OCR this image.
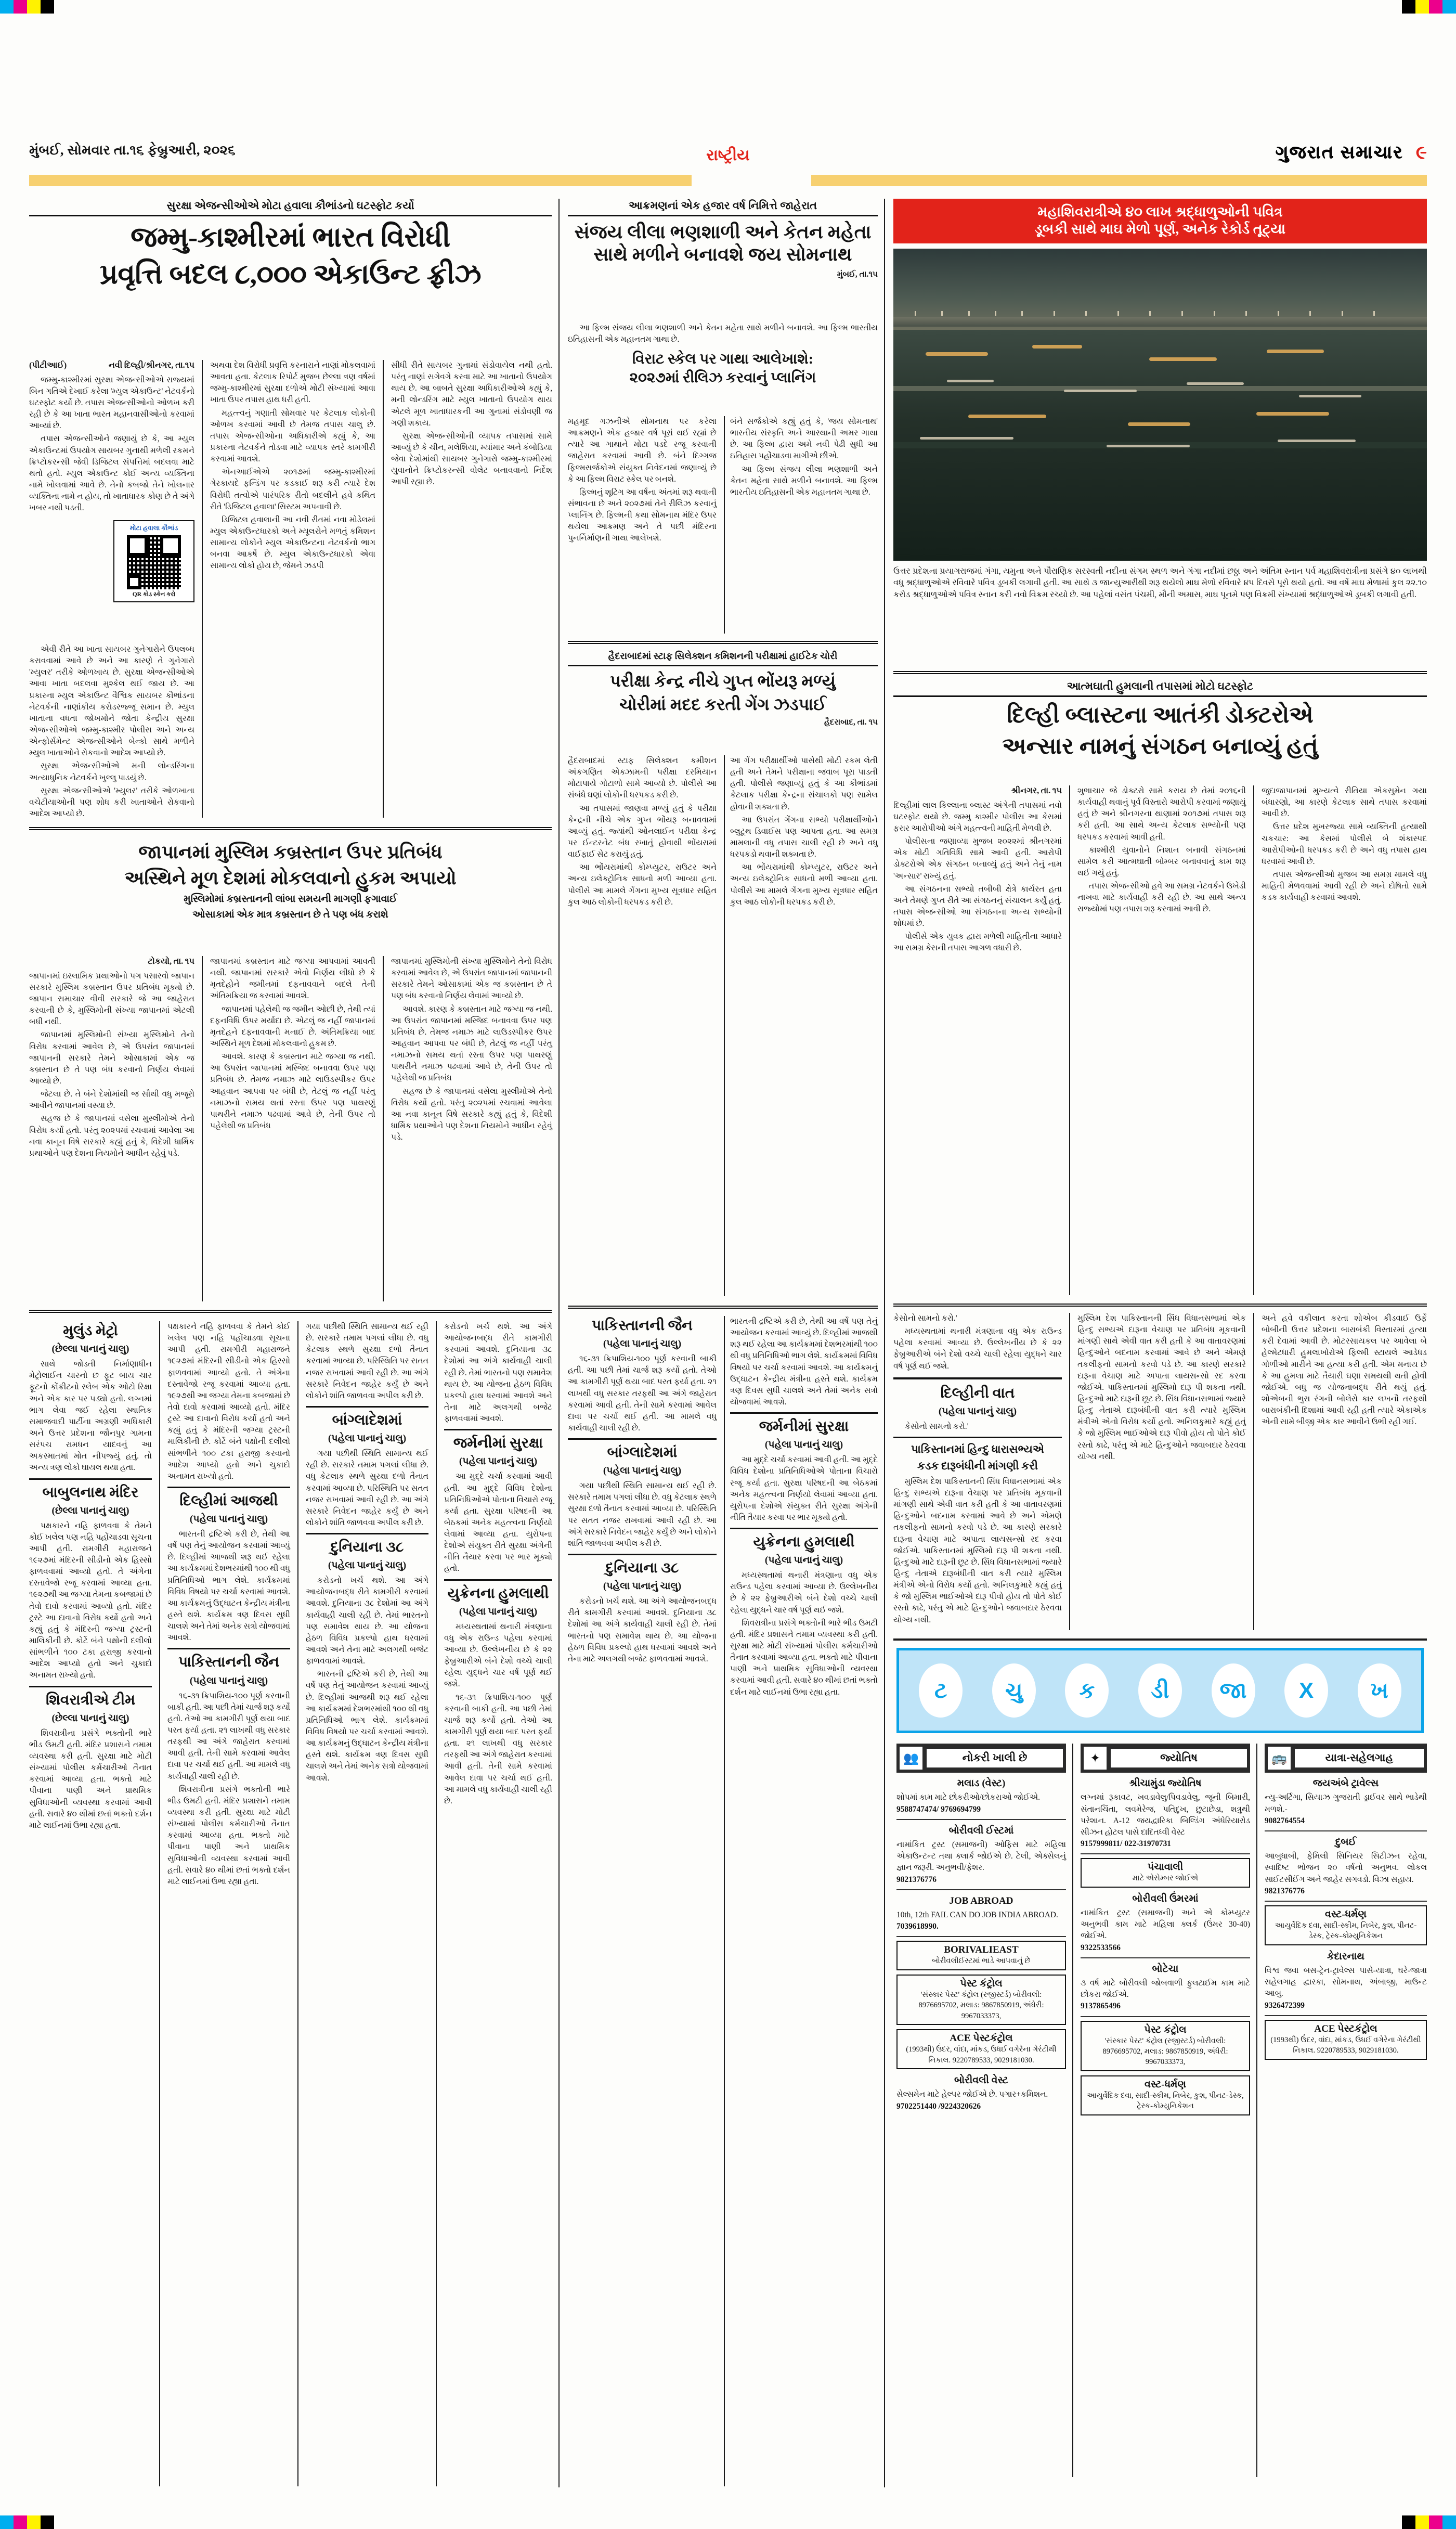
મુંબઈ, સોમવાર તા.૧૬ ફેબ્રુઆરી, ૨૦૨૬	ગુજરાત સમાચાર ૯
રાષ્ટ્રીય
સુરક્ષા એજન્સીઓએ મોટા હવાલા કૌભાંડનો ઘટસ્ફોટ કર્યો
જમ્મુ-કાશ્મીરમાં ભારત વિરોધી
પ્રવૃત્તિ બદલ ૮,૦૦૦ એકાઉન્ટ ફ્રીઝ
(પીટીઆઈ)	નવી દિલ્હી/શ્રીનગર, તા.૧૫

જમ્મુ-કાશ્મીરમાં સુરક્ષા એજન્સીઓએ રાજ્યમાં બિન ગતિએ દેખાઈ કરેલા 'મ્યુલ એકાઉન્ટ' નેટવર્કનો ઘટસ્ફોટ કર્યો છે. તપાસ એજન્સીઓનો ઓળખ કરી રહી છે કે આ ખાતા ભારત મહાનવાસીઓનો કરવામાં આવ્યાં છે.

તપાસ એજન્સીઓને જણાયું છે કે, આ મ્યુલ એકાઉન્ટમાં ઉપયોગ સાયબર ગુનાથી મળેલી રકમને ક્રિપ્ટોકરન્સી જેવી ડિજિટલ સંપત્તિમાં બદલવા માટે થતો હતો. મ્યુલ એકાઉન્ટ કોઈ અન્ય વ્યક્તિના નામે ખોલવામાં આવે છે. તેનો કબજો તેને ખોલનાર વ્યક્તિના નામે ન હોય, તો ખાતાધારક કોણ છે તે અંગે ખબર નથી પડતી.

મોટા હવાલા કૌભાંડ
QR કોડ સ્કેન કરો

એવી રીતે આ ખાતા સાયબર ગુનેગારોને ઉપલબ્ધ કરાવવામાં આવે છે અને આ કારણે તે ગુનેગારો 'મ્યુલર' તરીકે ઓળખાય છે. સુરક્ષા એજન્સીઓએ આવા ખાતા બદલવા મુશ્કેલ થઈ જાય છે. આ પ્રકારના મ્યુલ એકાઉન્ટ વૈશ્વિક સાયબર કૌભાંડના નેટવર્કની નાણાંકીય કરોડરજ્જૂ સમાન છે. મ્યુલ ખાતાના વધતા જોખમોને જોતા કેન્દ્રીય સુરક્ષા એજન્સીઓએ જમ્મુ-કાશ્મીર પોલીસ અને અન્ય એન્ફોર્સમેન્ટ એજન્સીઓને બેન્કો સાથે મળીને મ્યુલ ખાતાઓને રોકવાનો આદેશ આપ્યો છે.

સુરક્ષા એજન્સીઓએ મની લોન્ડરિંગના અત્યાધુનિક નેટવર્કને ખુલ્લુ પાડયું છે.

સુરક્ષા એજન્સીઓએ 'મ્યુલર' તરીકે ઓળખાતા વચેટીયાઓની પણ શોધ કરી ખાતાઓને રોકવાનો આદેશ આપ્યો છે.

અથવા દેશ વિરોધી પ્રવૃત્તિ કરનારાને નાણાં મોકલવામાં આવતા હતા. કેટલાક રિપોર્ટ મુજબ છેલ્લા ત્રણ વર્ષમાં જમ્મુ-કાશ્મીરમાં સુરક્ષા દળોએ મોટી સંખ્યામાં આવા ખાતા ઉપર તપાસ હાથ ધરી હતી.

મહત્ત્વનું ગણાતી સોમવાર પર કેટલાક લોકોની ઓળખ કરવામાં આવી છે તેમજ તપાસ ચાલુ છે. તપાસ એજન્સીઓના અધિકારીએ કહ્યું કે, આ પ્રકારના નેટવર્કને તોડવા માટે વ્યાપક સ્તરે કામગીરી કરવામાં આવશે.

એનઆઈએએ ૨૦૧૭માં જમ્મુ-કાશ્મીરમાં ગેરકાયદે ફન્ડિંગ પર કડકાઈ શરૂ કરી ત્યારે દેશ વિરોધી તત્વોએ પારંપરિક રીતો બદલીને હવે કથિત રીતે 'ડિજિટલ હવાલા' સિસ્ટમ અપનાવી છે.

ડિજિટલ હવાલાની આ નવી રીતમાં નવા મોડેલમાં મ્યુલ એકાઉન્ટધારકો અને મ્યૂલરોને મળતું કમિશન સામાન્ય લોકોને મ્યુલ એકાઉન્ટના નેટવર્કનો ભાગ બનવા આકર્ષે છે. મ્યુલ એકાઉન્ટધારકો એવા સામાન્ય લોકો હોય છે, જેમને ઝડપી

સીધી રીતે સાયબર ગુનામાં સંડોવાયેલ નથી હતો. પરંતુ નાણાં સગેવગે કરવા માટે આ ખાતાનો ઉપયોગ થાય છે. આ બાબતે સુરક્ષા અધિકારીઓએ કહ્યું કે, મની લોન્ડરિંગ માટે મ્યુલ ખાતાનો ઉપયોગ થાય એટલે મૂળ ખાતાધારકની આ ગુનામાં સંડોવણી જ ગણી શકાય.

સુરક્ષા એજન્સીઓની વ્યાપક તપાસમાં સામે આવ્યું છે કે ચીન, મલેશિયા, મ્યાંમાર અને કંબોડિયા જેવા દેશોમાંથી સાયબર ગુનેગારો જમ્મુ-કાશ્મીરમાં યુવાનોને ક્રિપ્ટોકરન્સી વોલેટ બનાવવાનો નિર્દેશ આપી રહ્યા છે.

જાપાનમાં મુસ્લિમ કબ્રસ્તાન ઉપર પ્રતિબંધ
અસ્થિને મૂળ દેશમાં મોકલવાનો હુકમ અપાયો
મુસ્લિમોમાં કબ્રસ્તાનની લાંબા સમયની માગણી ફગાવાઈ
ઓસાકામાં એક માત્ર કબ્રસ્તાન છે તે પણ બંધ કરાશે
ટોકયો, તા. ૧૫

જાપાનમાં ઇસ્લામિક પ્રથાઓનો પગ પસારવો જાપાન સરકારે મુસ્લિમ કબ્રસ્તાન ઉપર પ્રતિબંધ મૂક્યો છે. જાપાન સમાચાર વીવી સરકારે જે આ જાહેરાત કરવાની છે કે, મુસ્લિમોની સંખ્યા જાપાનમાં એટલી બધી નથી.

જાપાનમાં મુસ્લિમોની સંખ્યા મુસ્લિમોને તેનો વિરોધ કરવામાં આવેલ છે, એ ઉપરાંત જાપાનમાં જાપાનની સરકારે તેમને ઓસાકામાં એક જ કબ્રસ્તાન છે તે પણ બંધ કરવાનો નિર્ણય લેવામાં આવ્યો છે.

જેટલા છે. તે બંને દેશોમાંથી જ સૌથી વધુ મજૂરો આવીને જાપાનમાં વસ્યા છે.

સહજ છે કે જાપાનમાં વસેલા મુસ્લીમોએ તેનો વિરોધ કર્યો હતો. પરંતુ ૨૦૨૫માં રચવામાં આવેલા આ નવા કાનૂન વિષે સરકારે કહ્યું હતું કે, વિદેશી ધાર્મિક પ્રથાઓને પણ દેશના નિયમોને આધીન રહેવું પડે.

જાપાનમાં કબ્રસ્તાન માટે જગ્યા આપવામાં આવતી નથી. જાપાનમાં સરકારે એવો નિર્ણય લીધો છે કે મૃતદેહોને જમીનમાં દફનાવવાને બદલે તેની અંતિમક્રિયા જ કરવામાં આવશે.

જાપાનમાં પહેલેથી જ જમીન ઓછી છે, તેથી ત્યાં દફનવિધિ ઉપર મર્યાદા છે. એટલું જ નહીં જાપાનમાં મૃતદેહને દફનાવવાની મનાઈ છે. અંતિમક્રિયા બાદ અસ્થિને મૂળ દેશમાં મોકલવાનો હુકમ છે.

આવશે. કારણ કે કબ્રસ્તાન માટે જગ્યા જ નથી. આ ઉપરાંત જાપાનમાં મસ્જિદ બનાવવા ઉપર પણ પ્રતિબંધ છે. તેમજ નમાઝ માટે લાઉડસ્પીકર ઉપર આહવાન આપવા પર બંધી છે, તેટલું જ નહીં પરંતુ નમાઝનો સમય થતાં રસ્તા ઉપર પણ પાથરણું પાથરીને નમાઝ પઢવામાં આવે છે, તેની ઉપર તો પહેલેથી જ પ્રતિબંધ

જાપાનમાં મુસ્લિમોની સંખ્યા મુસ્લિમોને તેનો વિરોધ કરવામાં આવેલ છે, એ ઉપરાંત જાપાનમાં જાપાનની સરકારે તેમને ઓસાકામાં એક જ કબ્રસ્તાન છે તે પણ બંધ કરવાનો નિર્ણય લેવામાં આવ્યો છે.

આવશે. કારણ કે કબ્રસ્તાન માટે જગ્યા જ નથી. આ ઉપરાંત જાપાનમાં મસ્જિદ બનાવવા ઉપર પણ પ્રતિબંધ છે. તેમજ નમાઝ માટે લાઉડસ્પીકર ઉપર આહવાન આપવા પર બંધી છે, તેટલું જ નહીં પરંતુ નમાઝનો સમય થતાં રસ્તા ઉપર પણ પાથરણું પાથરીને નમાઝ પઢવામાં આવે છે, તેની ઉપર તો પહેલેથી જ પ્રતિબંધ

સહજ છે કે જાપાનમાં વસેલા મુસ્લીમોએ તેનો વિરોધ કર્યો હતો. પરંતુ ૨૦૨૫માં રચવામાં આવેલા આ નવા કાનૂન વિષે સરકારે કહ્યું હતું કે, વિદેશી ધાર્મિક પ્રથાઓને પણ દેશના નિયમોને આધીન રહેવું પડે.

મુલુંડ મેટ્રો
(છેલ્લા પાનાનું ચાલુ)

સાથે જોડતી નિર્માણાધીન મેટ્રોલાઈન ચારનો છ ફૂટ બાય ચાર ફૂટનો કોંક્રીટનો સ્લેબ એક ઓટો રિક્ષા અને એક કાર પર પડ્યો હતો. લગ્નમાં ભાગ લેવા જઈ રહેલા સ્થાનિક સમાજવાદી પાર્ટીના અગ્રણી અધિકારી અને ઉત્તર પ્રદેશના જૌનપુર ગામના સરંપચ રામધન યાદવનું આ અકસ્માતમાં મોત નીપજ્યું હતું. તો અન્ય ત્રણ લોકો ઘાયલ થયા હતા.

બાબુલનાથ મંદિર
(છેલ્લા પાનાનું ચાલુ)

પક્ષકારને નહિ ફાળવવા કે તેમને કોઈ ખલેલ પણ નહિ પહોંચાડવા સૂચના આપી હતી. રામગીરી મહારાજને ૧૯૨૭માં મંદિરની સીડીનો એક હિસ્સો ફાળવવામાં આવ્યો હતો. તે અંગેના દસ્તાવેજો રજૂ કરવામાં આવ્યા હતા. ૧૯૨૭થી આ જગ્યા તેમના કબજામાં છે તેવો દાવો કરવામાં આવ્યો હતો. મંદિર ટ્રસ્ટે આ દાવાનો વિરોધ કર્યો હતો અને કહ્યું હતું કે મંદિરની જગ્યા ટ્રસ્ટની માલિકીની છે. કોર્ટે બંને પક્ષોની દલીલો સાંભળીને ૧૦૦ ટકા હરાજી કરવાનો આદેશ આપ્યો હતો અને ચુકાદો અનામત રાખ્યો હતો.

શિવરાત્રીએ ટીમ
(છેલ્લા પાનાનું ચાલુ)

શિવરાત્રીના પ્રસંગે ભક્તોની ભારે ભીડ ઉમટી હતી. મંદિર પ્રશાસને તમામ વ્યવસ્થા કરી હતી. સુરક્ષા માટે મોટી સંખ્યામાં પોલીસ કર્મચારીઓ તૈનાત કરવામાં આવ્યા હતા. ભક્તો માટે પીવાના પાણી અને પ્રાથમિક સુવિધાઓની વ્યવસ્થા કરવામાં આવી હતી. સવારે ૪૦ થીમાં છતાં ભક્તો દર્શન માટે લાઈનમાં ઉભા રહ્યા હતા.

પક્ષકારને નહિ ફાળવવા કે તેમને કોઈ ખલેલ પણ નહિ પહોંચાડવા સૂચના આપી હતી. રામગીરી મહારાજને ૧૯૨૭માં મંદિરની સીડીનો એક હિસ્સો ફાળવવામાં આવ્યો હતો. તે અંગેના દસ્તાવેજો રજૂ કરવામાં આવ્યા હતા. ૧૯૨૭થી આ જગ્યા તેમના કબજામાં છે તેવો દાવો કરવામાં આવ્યો હતો. મંદિર ટ્રસ્ટે આ દાવાનો વિરોધ કર્યો હતો અને કહ્યું હતું કે મંદિરની જગ્યા ટ્રસ્ટની માલિકીની છે. કોર્ટે બંને પક્ષોની દલીલો સાંભળીને ૧૦૦ ટકા હરાજી કરવાનો આદેશ આપ્યો હતો અને ચુકાદો અનામત રાખ્યો હતો.

દિલ્હીમાં આજથી
(પહેલા પાનાનું ચાલુ)

ભારતની દ્રષ્ટિએ કરી છે, તેથી આ વર્ષે પણ તેનું આયોજન કરવામાં આવ્યું છે. દિલ્હીમાં આજથી શરૂ થઈ રહેલા આ કાર્યક્રમમાં દેશભરમાંથી ૧૦૦ થી વધુ પ્રતિનિધિઓ ભાગ લેશે. કાર્યક્રમમાં વિવિધ વિષયો પર ચર્ચા કરવામાં આવશે. આ કાર્યક્રમનું ઉદ્ઘાટન કેન્દ્રીય મંત્રીના હસ્તે થશે. કાર્યક્રમ ત્રણ દિવસ સુધી ચાલશે અને તેમાં અનેક સત્રો યોજવામાં આવશે.

પાકિસ્તાનની જૈન
(પહેલા પાનાનું ચાલુ)

૧૬-૩૧ ક્રિપાશિય-૧૦૦ પૂર્ણ કરવાની બાકી હતી. આ પછી તેમાં ચાર્જ શરૂ કર્યો હતો. તેઓ આ કામગીરી પૂર્ણ થયા બાદ પરત ફર્યા હતા. ૨૧ લાખથી વધુ સરકાર તરફથી આ અંગે જાહેરાત કરવામાં આવી હતી. તેની સામે કરવામાં આવેલ દાવા પર ચર્ચા થઈ હતી. આ મામલે વધુ કાર્યવાહી ચાલી રહી છે.

શિવરાત્રીના પ્રસંગે ભક્તોની ભારે ભીડ ઉમટી હતી. મંદિર પ્રશાસને તમામ વ્યવસ્થા કરી હતી. સુરક્ષા માટે મોટી સંખ્યામાં પોલીસ કર્મચારીઓ તૈનાત કરવામાં આવ્યા હતા. ભક્તો માટે પીવાના પાણી અને પ્રાથમિક સુવિધાઓની વ્યવસ્થા કરવામાં આવી હતી. સવારે ૪૦ થીમાં છતાં ભક્તો દર્શન માટે લાઈનમાં ઉભા રહ્યા હતા.

ગયા પછીથી સ્થિતિ સામાન્ય થઈ રહી છે. સરકારે તમામ પગલાં લીધા છે. વધુ કેટલાક સ્થળે સુરક્ષા દળો તૈનાત કરવામાં આવ્યા છે. પરિસ્થિતિ પર સતત નજર રાખવામાં આવી રહી છે. આ અંગે સરકારે નિવેદન જાહેર કર્યું છે અને લોકોને શાંતિ જાળવવા અપીલ કરી છે.

બાંગ્લાદેશમાં
(પહેલા પાનાનું ચાલુ)

ગયા પછીથી સ્થિતિ સામાન્ય થઈ રહી છે. સરકારે તમામ પગલાં લીધા છે. વધુ કેટલાક સ્થળે સુરક્ષા દળો તૈનાત કરવામાં આવ્યા છે. પરિસ્થિતિ પર સતત નજર રાખવામાં આવી રહી છે. આ અંગે સરકારે નિવેદન જાહેર કર્યું છે અને લોકોને શાંતિ જાળવવા અપીલ કરી છે.

દુનિયાના ૩૮
(પહેલા પાનાનું ચાલુ)

કરોડનો ખર્ચ થશે. આ અંગે આયોજનબદ્ધ રીતે કામગીરી કરવામાં આવશે. દુનિયાના ૩૮ દેશોમાં આ અંગે કાર્યવાહી ચાલી રહી છે. તેમાં ભારતનો પણ સમાવેશ થાય છે. આ યોજના હેઠળ વિવિધ પ્રકલ્પો હાથ ધરવામાં આવશે અને તેના માટે અલગથી બજેટ ફાળવવામાં આવશે.

ભારતની દ્રષ્ટિએ કરી છે, તેથી આ વર્ષે પણ તેનું આયોજન કરવામાં આવ્યું છે. દિલ્હીમાં આજથી શરૂ થઈ રહેલા આ કાર્યક્રમમાં દેશભરમાંથી ૧૦૦ થી વધુ પ્રતિનિધિઓ ભાગ લેશે. કાર્યક્રમમાં વિવિધ વિષયો પર ચર્ચા કરવામાં આવશે. આ કાર્યક્રમનું ઉદ્ઘાટન કેન્દ્રીય મંત્રીના હસ્તે થશે. કાર્યક્રમ ત્રણ દિવસ સુધી ચાલશે અને તેમાં અનેક સત્રો યોજવામાં આવશે.

કરોડનો ખર્ચ થશે. આ અંગે આયોજનબદ્ધ રીતે કામગીરી કરવામાં આવશે. દુનિયાના ૩૮ દેશોમાં આ અંગે કાર્યવાહી ચાલી રહી છે. તેમાં ભારતનો પણ સમાવેશ થાય છે. આ યોજના હેઠળ વિવિધ પ્રકલ્પો હાથ ધરવામાં આવશે અને તેના માટે અલગથી બજેટ ફાળવવામાં આવશે.

જર્મનીમાં સુરક્ષા
(પહેલા પાનાનું ચાલુ)

આ મુદ્દે ચર્ચા કરવામાં આવી હતી. આ મુદ્દે વિવિધ દેશોના પ્રતિનિધિઓએ પોતાના વિચારો રજૂ કર્યા હતા. સુરક્ષા પરિષદની આ બેઠકમાં અનેક મહત્ત્વના નિર્ણયો લેવામાં આવ્યા હતા. યુરોપના દેશોએ સંયુક્ત રીતે સુરક્ષા અંગેની નીતિ તૈયાર કરવા પર ભાર મૂક્યો હતો.

યુક્રેનના હુમલાથી
(પહેલા પાનાનું ચાલુ)

મધ્યસ્થતામાં થનારી મંત્રણાના વધુ એક રાઉન્ડ પહેલા કરવામાં આવ્યા છે. ઉલ્લેખનીય છે કે ૨૨ ફેબ્રુઆરીએ બંને દેશો વચ્ચે ચાલી રહેલા યુદ્ધને ચાર વર્ષ પૂર્ણ થઈ જશે.

૧૬-૩૧ ક્રિપાશિય-૧૦૦ પૂર્ણ કરવાની બાકી હતી. આ પછી તેમાં ચાર્જ શરૂ કર્યો હતો. તેઓ આ કામગીરી પૂર્ણ થયા બાદ પરત ફર્યા હતા. ૨૧ લાખથી વધુ સરકાર તરફથી આ અંગે જાહેરાત કરવામાં આવી હતી. તેની સામે કરવામાં આવેલ દાવા પર ચર્ચા થઈ હતી. આ મામલે વધુ કાર્યવાહી ચાલી રહી છે.

આક્રમણનાં એક હજાર વર્ષ નિમિત્તે જાહેરાત
સંજય લીલા ભણશાળી અને કેતન મહેતા સાથે મળીને બનાવશે જય સોમનાથ
મુંબઈ, તા.૧૫

આ ફિલ્મ સંજય લીલા ભણશાળી અને કેતન મહેતા સાથે મળીને બનાવશે. આ ફિલ્મ ભારતીય ઇતિહાસની એક મહાનતમ ગાથા છે.

વિરાટ સ્કેલ પર ગાથા આલેખાશે:
૨૦૨૭માં રીલિઝ કરવાનું પ્લાનિંગ

મહમૂદ ગઝનીએ સોમનાથ પર કરેલા આક્રમણને એક હજાર વર્ષ પૂરાં થઈ રહ્યાં છે ત્યારે આ ગાથાને મોટા પડદે રજૂ કરવાની જાહેરાત કરવામાં આવી છે. બંને દિગ્ગજ ફિલ્મસર્જકોએ સંયુક્ત નિવેદનમાં જણાવ્યું છે કે આ ફિલ્મ વિરાટ સ્કેલ પર બનશે.

ફિલ્મનું શૂટિંગ આ વર્ષના અંતમાં શરૂ થવાની સંભાવના છે અને ૨૦૨૭માં તેને રીલિઝ કરવાનું પ્લાનિંગ છે. ફિલ્મની કથા સોમનાથ મંદિર ઉપર થયેલા આક્રમણ અને તે પછી મંદિરના પુનર્નિર્માણની ગાથા આલેખશે.

બંને સર્જકોએ કહ્યું હતું કે, 'જય સોમનાથ' ભારતીય સંસ્કૃતિ અને આસ્થાની અમર ગાથા છે. આ ફિલ્મ દ્વારા અમે નવી પેઢી સુધી આ ઇતિહાસ પહોંચાડવા માગીએ છીએ.

આ ફિલ્મ સંજય લીલા ભણશાળી અને કેતન મહેતા સાથે મળીને બનાવશે. આ ફિલ્મ ભારતીય ઇતિહાસની એક મહાનતમ ગાથા છે.

હૈદરાબાદમાં સ્ટાફ સિલેક્શન કમિશનની પરીક્ષામાં હાઈટેક ચોરી
પરીક્ષા કેન્દ્ર નીચે ગુપ્ત ભોંયરૂ મળ્યું
ચોરીમાં મદદ કરતી ગેંગ ઝડપાઈ
હૈદરાબાદ, તા. ૧૫

હૈદરાબાદમાં સ્ટાફ સિલેક્શન કમીશન અંકગણિત એક્ઝામની પરીક્ષા દરમિયાન મોટાપાયે ગોટાળો સામે આવ્યો છે. પોલીસે આ સંબંધે ઘણાં લોકોની ધરપકડ કરી છે.

આ તપાસમાં જાણવા મળ્યું હતું કે પરીક્ષા કેન્દ્રની નીચે એક ગુપ્ત ભોંયરૂ બનાવવામાં આવ્યું હતું. જ્યાંથી ઓનલાઈન પરીક્ષા કેન્દ્ર પર ઈન્ટરનેટ બંધ રખાતું હોવાથી ભોંયરામાં વાઈફાઈ સેટ કરાયું હતું.

આ ભોંયરામાંથી કોમ્પ્યુટર, રાઉટર અને અન્ય ઇલેક્ટ્રોનિક સાધનો મળી આવ્યા હતા. પોલીસે આ મામલે ગેંગના મુખ્ય સૂત્રધાર સહિત કુલ આઠ લોકોની ધરપકડ કરી છે.

આ ગેંગ પરીક્ષાર્થીઓ પાસેથી મોટી રકમ લેતી હતી અને તેમને પરીક્ષાના જવાબ પૂરા પાડતી હતી. પોલીસે જણાવ્યું હતું કે આ કૌભાંડમાં કેટલાક પરીક્ષા કેન્દ્રના સંચાલકો પણ સામેલ હોવાની શક્યતા છે.

આ ઉપરાંત ગેંગના સભ્યો પરીક્ષાર્થીઓને બ્લુટૂથ ડિવાઈસ પણ આપતા હતા. આ સમગ્ર મામલાની વધુ તપાસ ચાલી રહી છે અને વધુ ધરપકડો થવાની શક્યતા છે.

આ ભોંયરામાંથી કોમ્પ્યુટર, રાઉટર અને અન્ય ઇલેક્ટ્રોનિક સાધનો મળી આવ્યા હતા. પોલીસે આ મામલે ગેંગના મુખ્ય સૂત્રધાર સહિત કુલ આઠ લોકોની ધરપકડ કરી છે.

પાકિસ્તાનની જૈન
(પહેલા પાનાનું ચાલુ)

૧૬-૩૧ ક્રિપાશિય-૧૦૦ પૂર્ણ કરવાની બાકી હતી. આ પછી તેમાં ચાર્જ શરૂ કર્યો હતો. તેઓ આ કામગીરી પૂર્ણ થયા બાદ પરત ફર્યા હતા. ૨૧ લાખથી વધુ સરકાર તરફથી આ અંગે જાહેરાત કરવામાં આવી હતી. તેની સામે કરવામાં આવેલ દાવા પર ચર્ચા થઈ હતી. આ મામલે વધુ કાર્યવાહી ચાલી રહી છે.

બાંગ્લાદેશમાં
(પહેલા પાનાનું ચાલુ)

ગયા પછીથી સ્થિતિ સામાન્ય થઈ રહી છે. સરકારે તમામ પગલાં લીધા છે. વધુ કેટલાક સ્થળે સુરક્ષા દળો તૈનાત કરવામાં આવ્યા છે. પરિસ્થિતિ પર સતત નજર રાખવામાં આવી રહી છે. આ અંગે સરકારે નિવેદન જાહેર કર્યું છે અને લોકોને શાંતિ જાળવવા અપીલ કરી છે.

દુનિયાના ૩૮
(પહેલા પાનાનું ચાલુ)

કરોડનો ખર્ચ થશે. આ અંગે આયોજનબદ્ધ રીતે કામગીરી કરવામાં આવશે. દુનિયાના ૩૮ દેશોમાં આ અંગે કાર્યવાહી ચાલી રહી છે. તેમાં ભારતનો પણ સમાવેશ થાય છે. આ યોજના હેઠળ વિવિધ પ્રકલ્પો હાથ ધરવામાં આવશે અને તેના માટે અલગથી બજેટ ફાળવવામાં આવશે.

ભારતની દ્રષ્ટિએ કરી છે, તેથી આ વર્ષે પણ તેનું આયોજન કરવામાં આવ્યું છે. દિલ્હીમાં આજથી શરૂ થઈ રહેલા આ કાર્યક્રમમાં દેશભરમાંથી ૧૦૦ થી વધુ પ્રતિનિધિઓ ભાગ લેશે. કાર્યક્રમમાં વિવિધ વિષયો પર ચર્ચા કરવામાં આવશે. આ કાર્યક્રમનું ઉદ્ઘાટન કેન્દ્રીય મંત્રીના હસ્તે થશે. કાર્યક્રમ ત્રણ દિવસ સુધી ચાલશે અને તેમાં અનેક સત્રો યોજવામાં આવશે.

જર્મનીમાં સુરક્ષા
(પહેલા પાનાનું ચાલુ)

આ મુદ્દે ચર્ચા કરવામાં આવી હતી. આ મુદ્દે વિવિધ દેશોના પ્રતિનિધિઓએ પોતાના વિચારો રજૂ કર્યા હતા. સુરક્ષા પરિષદની આ બેઠકમાં અનેક મહત્ત્વના નિર્ણયો લેવામાં આવ્યા હતા. યુરોપના દેશોએ સંયુક્ત રીતે સુરક્ષા અંગેની નીતિ તૈયાર કરવા પર ભાર મૂક્યો હતો.

યુક્રેનના હુમલાથી
(પહેલા પાનાનું ચાલુ)

મધ્યસ્થતામાં થનારી મંત્રણાના વધુ એક રાઉન્ડ પહેલા કરવામાં આવ્યા છે. ઉલ્લેખનીય છે કે ૨૨ ફેબ્રુઆરીએ બંને દેશો વચ્ચે ચાલી રહેલા યુદ્ધને ચાર વર્ષ પૂર્ણ થઈ જશે.

શિવરાત્રીના પ્રસંગે ભક્તોની ભારે ભીડ ઉમટી હતી. મંદિર પ્રશાસને તમામ વ્યવસ્થા કરી હતી. સુરક્ષા માટે મોટી સંખ્યામાં પોલીસ કર્મચારીઓ તૈનાત કરવામાં આવ્યા હતા. ભક્તો માટે પીવાના પાણી અને પ્રાથમિક સુવિધાઓની વ્યવસ્થા કરવામાં આવી હતી. સવારે ૪૦ થીમાં છતાં ભક્તો દર્શન માટે લાઈનમાં ઉભા રહ્યા હતા.

મહાશિવરાત્રીએ ૪૦ લાખ શ્રદ્ધાળુઓની પવિત્ર
ડૂબકી સાથે માઘ મેળો પૂર્ણ, અનેક રેકોર્ડ તૂટ્યા
ઉત્તર પ્રદેશના પ્રયાગરાજમાં ગંગા, યમુના અને પૌરાણિક સરસ્વતી નદીના સંગમ સ્થળ અને ગંગા નદીમાં છઠ્ઠા અને અંતિમ સ્નાન પર્વ મહાશિવરાત્રીના પ્રસંગે ૪૦ લાખથી વધુ શ્રદ્ધાળુઓએ રવિવારે પવિત્ર ડૂબકી લગાવી હતી. આ સાથે ૩ જાન્યુઆરીથી શરૂ થયેલો માઘ મેળો રવિવારે ૪૫ દિવસે પૂરો થયો હતો. આ વર્ષે માઘ મેળામાં કુલ ૨૨.૧૦ કરોડ શ્રદ્ધાળુઓએ પવિત્ર સ્નાન કરી નવો વિક્રમ રચ્યો છે. આ પહેલાં વસંત પંચમી, મૌની અમાસ, માઘ પૂનમે પણ વિક્રમી સંખ્યામાં શ્રદ્ધાળુઓએ ડૂબકી લગાવી હતી.
આત્મઘાતી હુમલાની તપાસમાં મોટો ઘટસ્ફોટ
દિલ્હી બ્લાસ્ટના આતંકી ડોક્ટરોએ
અન્સાર નામનું સંગઠન બનાવ્યું હતું
શ્રીનગર, તા. ૧૫

દિલ્હીમાં લાલ કિલ્લાના બ્લાસ્ટ અંગેની તપાસમાં નવો ઘટસ્ફોટ થયો છે. જમ્મુ કાશ્મીર પોલીસ આ કેસમાં ફરાર આરોપીઓ અંગે મહત્ત્વની માહિતી મેળવી છે.

પોલીસના જણાવ્યા મુજબ ૨૦૨૨માં શ્રીનગરમાં એક મોટી ગતિવિધિ સામે આવી હતી. આરોપી ડોક્ટરોએ એક સંગઠન બનાવ્યું હતું અને તેનું નામ 'અન્સાર' રાખ્યું હતું.

આ સંગઠનના સભ્યો તબીબી ક્ષેત્રે કાર્યરત હતા અને તેમણે ગુપ્ત રીતે આ સંગઠનનું સંચાલન કર્યું હતું. તપાસ એજન્સીઓ આ સંગઠનના અન્ય સભ્યોની શોધમાં છે.

પોલીસે એક યુવક દ્વારા મળેલી માહિતીના આધારે આ સમગ્ર કેસની તપાસ આગળ વધારી છે.

શુભાચાર જે ડોક્ટરો સામે કરાય છે તેમાં ૨૦૧૬ની કાર્યવાહી થવાનું પૂર્વ વિસ્તારો આરોપી કરવામાં જણાયું હતું છે અને શ્રીનગરના થાણામાં ૨૦૧૭માં તપાસ શરૂ કરી હતી. આ સાથે અન્ય કેટલાક સભ્યોની પણ ધરપકડ કરવામાં આવી હતી.

કાશ્મીરી યુવાનોને નિશાન બનાવી સંગઠનમાં સામેલ કરી આત્મઘાતી બોમ્બર બનાવવાનું કામ શરૂ થઈ ગયું હતું.

તપાસ એજન્સીઓ હવે આ સમગ્ર નેટવર્કને ઉખેડી નાખવા માટે કાર્યવાહી કરી રહી છે. આ સાથે અન્ય રાજ્યોમાં પણ તપાસ શરૂ કરવામાં આવી છે.

જુદાજાપાનમાં મુખ્યત્વે રીતિયા એકસુમેન ગયા બંધારણો, આ કારણે કેટલાક સાથે તપાસ કરવામાં આવી છે.

ઉત્તર પ્રદેશ મુખરજ્યા સામે વ્યક્તિની હત્યાથી ચકચાર: આ કેસમાં પોલીસે બે શંકાસ્પદ આરોપીઓની ધરપકડ કરી છે અને વધુ તપાસ હાથ ધરવામાં આવી છે.

તપાસ એજન્સીઓ મુજબ આ સમગ્ર મામલે વધુ માહિતી મેળવવામાં આવી રહી છે અને દોષિતો સામે કડક કાર્યવાહી કરવામાં આવશે.

કેસોનો સામનો કરો.'

મધ્યસ્થતામાં થનારી મંત્રણાના વધુ એક રાઉન્ડ પહેલા કરવામાં આવ્યા છે. ઉલ્લેખનીય છે કે ૨૨ ફેબ્રુઆરીએ બંને દેશો વચ્ચે ચાલી રહેલા યુદ્ધને ચાર વર્ષ પૂર્ણ થઈ જશે.

દિલ્હીની વાત
(પહેલા પાનાનું ચાલુ)

કેસોનો સામનો કરો.'

પાકિસ્તાનમાં હિન્દુ ધારાસભ્યએ
કડક દારૂબંધીની માંગણી કરી

મુસ્લિમ દેશ પાકિસ્તાનની સિંધ વિધાનસભામાં એક હિન્દુ સભ્યએ દારૂના વેચાણ પર પ્રતિબંધ મૂકવાની માંગણી સાથે એવી વાત કરી હતી કે આ વાતાવરણમાં હિન્દુઓને બદનામ કરવામાં આવે છે અને એમણે તકલીફનો સામનો કરવો પડે છે. આ કારણે સરકારે દારૂના વેચાણ માટે અપાતા લાયસન્સો રદ કરવા જોઈએ. પાકિસ્તાનમાં મુસ્લિમો દારૂ પી શકતા નથી. હિન્દુઓ માટે દારૂની છૂટ છે. સિંધ વિધાનસભામાં જ્યારે હિન્દુ નેતાએ દારૂબંધીની વાત કરી ત્યારે મુસ્લિમ મંત્રીએ એનો વિરોધ કર્યો હતો. અનિલકુમારે કહ્યું હતું કે જો મુસ્લિમ ભાઈઓએ દારૂ પીવો હોય તો પોતે કોઈ રસ્તો કાઢે, પરંતુ એ માટે હિન્દુઓને જવાબદાર ઠેરવવા યોગ્ય નથી.

મુસ્લિમ દેશ પાકિસ્તાનની સિંધ વિધાનસભામાં એક હિન્દુ સભ્યએ દારૂના વેચાણ પર પ્રતિબંધ મૂકવાની માંગણી સાથે એવી વાત કરી હતી કે આ વાતાવરણમાં હિન્દુઓને બદનામ કરવામાં આવે છે અને એમણે તકલીફનો સામનો કરવો પડે છે. આ કારણે સરકારે દારૂના વેચાણ માટે અપાતા લાયસન્સો રદ કરવા જોઈએ. પાકિસ્તાનમાં મુસ્લિમો દારૂ પી શકતા નથી. હિન્દુઓ માટે દારૂની છૂટ છે. સિંધ વિધાનસભામાં જ્યારે હિન્દુ નેતાએ દારૂબંધીની વાત કરી ત્યારે મુસ્લિમ મંત્રીએ એનો વિરોધ કર્યો હતો. અનિલકુમારે કહ્યું હતું કે જો મુસ્લિમ ભાઈઓએ દારૂ પીવો હોય તો પોતે કોઈ રસ્તો કાઢે, પરંતુ એ માટે હિન્દુઓને જવાબદાર ઠેરવવા યોગ્ય નથી.

અને હવે વકીલાત કરતા શોએબ કીડવાઈ ઉર્ફે બોબીની ઉત્તર પ્રદેશના બારાબંકી વિસ્તારમાં હત્યા કરી દેવામાં આવી છે. મોટરસાયકલ પર આવેલા બે હેલ્મેટધારી હુમલાખોરોએ ફિલ્મી સ્ટાયલે આડેધડ ગોળીઓ મારીને આ હત્યા કરી હતી. એમ મનાય છે કે આ હુમલા માટે તૈયારી ઘણા સમયથી થતી હોવી જોઈએ. બધુ જ યોજનાબદ્ધ રીતે થયું હતું. શોએબની ભુરા રંગની બોલેરો કાર લખનૌ તરફથી બારાબંકીની દિશામાં આવી રહી હતી ત્યારે એકાએક એની સામે બીજી એક કાર આવીને ઉભી રહી ગઈ.

ટ	ચુ	ક	ડી	જા	X	ખ
👥	નોકરી ખાલી છે
મલાડ (વેસ્ટ)
શોપમાં કામ માટે છોકરીઓ/છોકરાઓ જોઈએ.
9588747474/ 9769694799
બોરીવલી ઈસ્ટમાં
નામાંકિત ટ્રસ્ટ (સમાજની) ઓફિસ માટે મહિલા એકાઉન્ટન્ટ તથા ક્લાર્ક જોઈએ છે. ટેલી, એક્સેલનું જ્ઞાન જરૂરી. અનુભવી/ફ્રેશર.
9821376776
JOB ABROAD
10th, 12th FAIL CAN DO JOB INDIA ABROAD.
7039618990.
BORIVALIEAST
બોરીવલીઈસ્ટમાં ભાડે આપવાનું છે
પેસ્ટ કંટ્રોલ
'સંસ્કાર પેસ્ટ' કંટ્રોલ (રજીસ્ટર્ડ) બોરીવલી: 8976695702, મલાડ: 9867850919, અંધેરી: 9967033373,
ACE પેસ્ટકંટ્રોલ
(1993થી) ઉંદર, વાંદા, માંકડ, ઉધઈ વગેરેના ગેરંટીથી નિકાલ. 9220789533, 9029181030.
બોરીવલી વેસ્ટ
સેલ્સમેન માટે હેલ્પર જોઈએ છે. પગાર+કમિશન.
9702251440 /9224320626
✦	જ્યોતિષ
શ્રીચામુંડા જ્યોતિષ
લગ્નમાં રૂકાવટ, ખવડાવેલુ/પિવડાવેલુ, જૂની બિમારી, સંતાનચિંતા, લવમેરેજ, પતિદુખ, છુટાછેડા, શત્રુથી પરેશાન. A-12 જયદ્વારિકા બિલ્ડિંગ અંધેરિયારોડ સીઝન હોટલ પાસે દાદિતધ્વી વેસ્ટ
9157999811/ 022-31970731
પંચાવાલી
માટે એસેમ્બર જોઈએ
બોરીવલી ઉંમરમાં
નામાંકિત ટ્રસ્ટ (સમાજની) અને એ કોમ્પ્યુટર અનુભવી કામ માટે મહિલા ક્લર્ક (ઉંમર 30-40) જોઈએ.
9322533566
બોટેચા
૩ વર્ષ માટે બોરીવલી જોબવાળી ફુલટાઈમ કામ માટે છોકરા જોઈએ.
9137865496
પેસ્ટ કંટ્રોલ
'સંસ્કાર પેસ્ટ' કંટ્રોલ (રજીસ્ટર્ડ) બોરીવલી: 8976695702, મલાડ: 9867850919, અંધેરી: 9967033373,
વસ્ટ-ધર્મણ
આયુર્વેદિક દવા, સાદી-સ્કીમ, નિબેર, કુશ, પીનટ-ડેસ્ક, ટ્રેસ્ક-કોમ્યુનિકેશન
🚌	યાત્રા-સહેલગાહ
જયઅંબે ટ્રાવેલ્સ
ન્યુ-અર્ટિગા, સિયાઝ ગુજરાતી ડ્રાઈવર સાથે ભાડેથી મળશે.-
9082764554
દુબઈ
આબુધાબી, ફેમિલી સિનિયર સિટીઝન રહેવા, સ્વાદિષ્ટ ભોજન ૨૦ વર્ષનો અનુભવ. લોકલ સાઈટસીઈંગ અને જાહેર સગવડો. વિઝા સહાય.
9821376776
વસ્ટ-ધર્મણ
આયુર્વેદિક દવા, સાદી-સ્કીમ, નિબેર, કુશ, પીનટ-ડેસ્ક, ટ્રેસ્ક-કોમ્યુનિકેશન
કેદારનાથ
વિશ્વ જવા બસ-ટ્રેન-ટ્રાવેલ્સ પાસે-યાત્રા, ઘરે-જાત્રા સહેલગાહ દ્વારકા, સોમનાથ, અંબાજી, માઉન્ટ આબુ.
9326472399
ACE પેસ્ટકંટ્રોલ
(1993થી) ઉંદર, વાંદા, માંકડ, ઉધઈ વગેરેના ગેરંટીથી નિકાલ. 9220789533, 9029181030.
